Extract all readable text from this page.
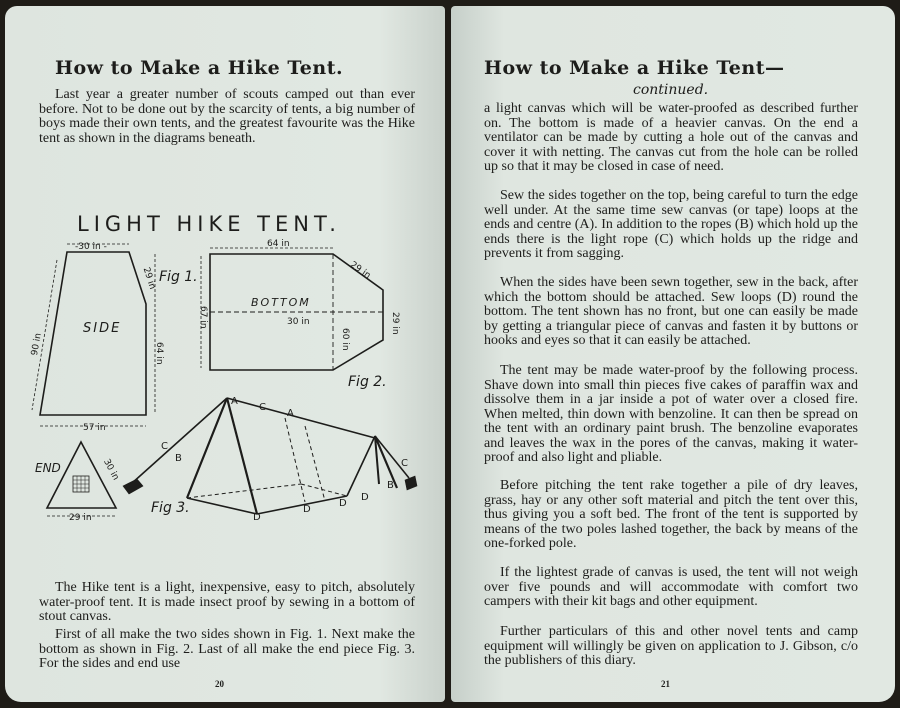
How to Make a Hike Tent.

Last year a greater number of scouts camped out than ever before. Not to be done out by the scarcity of tents, a big number of boys made their own tents, and the greatest favourite was the Hike tent as shown in the diagrams beneath.

LIGHT HIKE TENT.

-30 in -
29 in
90 in	64 in
57 in
SIDE
Fig 1.
64 in
29 in
29 in
67 in
BOTTOM
30 in
60 in
Fig 2.
END	30 in
29 in
Fig 3.
A
C
A
C
B
B
C
D
D
D
D

The Hike tent is a light, inexpensive, easy to pitch, absolutely water-proof tent. It is made insect proof by sewing in a bottom of stout canvas.

First of all make the two sides shown in Fig. 1. Next make the bottom as shown in Fig. 2. Last of all make the end piece Fig. 3. For the sides and end use

20

How to Make a Hike Tent—

continued.

a light canvas which will be water-proofed as described further on. The bottom is made of a heavier canvas. On the end a ventilator can be made by cutting a hole out of the canvas and cover it with netting. The canvas cut from the hole can be rolled up so that it may be closed in case of need.

Sew the sides together on the top, being careful to turn the edge well under. At the same time sew canvas (or tape) loops at the ends and centre (A). In addition to the ropes (B) which hold up the ends there is the light rope (C) which holds up the ridge and prevents it from sagging.

When the sides have been sewn together, sew in the back, after which the bottom should be attached. Sew loops (D) round the bottom. The tent shown has no front, but one can easily be made by getting a triangular piece of canvas and fasten it by buttons or hooks and eyes so that it can easily be attached.

The tent may be made water-proof by the following process. Shave down into small thin pieces five cakes of paraffin wax and dissolve them in a jar inside a pot of water over a closed fire. When melted, thin down with benzoline. It can then be spread on the tent with an ordinary paint brush. The benzoline evaporates and leaves the wax in the pores of the canvas, making it water-proof and also light and pliable.

Before pitching the tent rake together a pile of dry leaves, grass, hay or any other soft material and pitch the tent over this, thus giving you a soft bed. The front of the tent is supported by means of the two poles lashed together, the back by means of the one-forked pole.

If the lightest grade of canvas is used, the tent will not weigh over five pounds and will accommodate with comfort two campers with their kit bags and other equipment.

Further particulars of this and other novel tents and camp equipment will willingly be given on application to J. Gibson, c/o the publishers of this diary.

21
